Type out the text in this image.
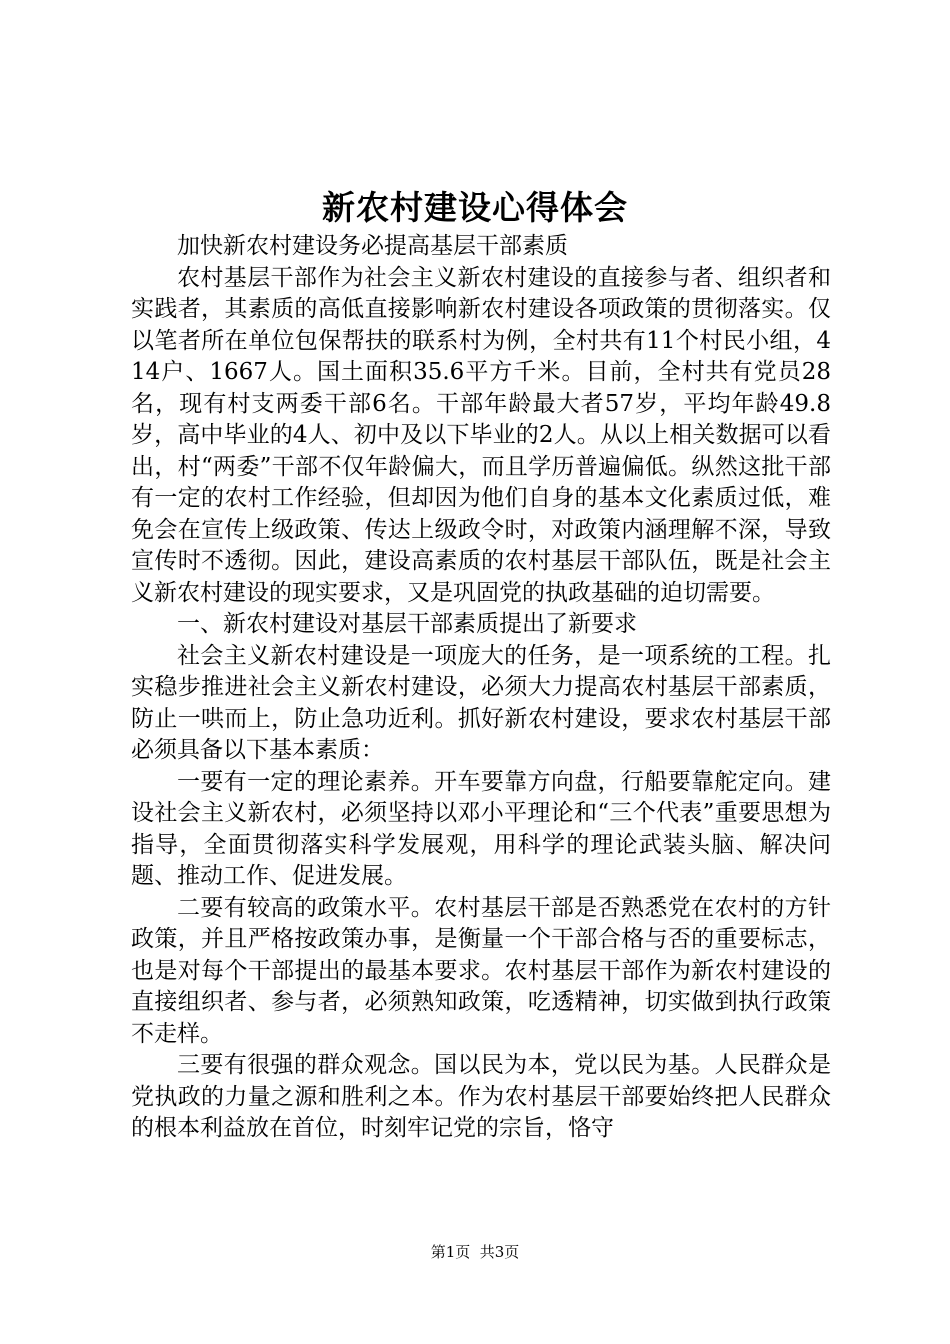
新农村建设心得体会

加快新农村建设务必提高基层干部素质

农村基层干部作为社会主义新农村建设的直接参与者、组织者和实践者，其素质的高低直接影响新农村建设各项政策的贯彻落实。仅以笔者所在单位包保帮扶的联系村为例，全村共有11个村民小组，414户、1667人。国土面积35.6平方千米。目前，全村共有党员28名，现有村支两委干部6名。干部年龄最大者57岁，平均年龄49.8岁，高中毕业的4人、初中及以下毕业的2人。从以上相关数据可以看出，村“两委”干部不仅年龄偏大，而且学历普遍偏低。纵然这批干部有一定的农村工作经验，但却因为他们自身的基本文化素质过低，难免会在宣传上级政策、传达上级政令时，对政策内涵理解不深，导致宣传时不透彻。因此，建设高素质的农村基层干部队伍，既是社会主义新农村建设的现实要求，又是巩固党的执政基础的迫切需要。

一、新农村建设对基层干部素质提出了新要求

社会主义新农村建设是一项庞大的任务，是一项系统的工程。扎实稳步推进社会主义新农村建设，必须大力提高农村基层干部素质，防止一哄而上，防止急功近利。抓好新农村建设，要求农村基层干部必须具备以下基本素质：

一要有一定的理论素养。开车要靠方向盘，行船要靠舵定向。建设社会主义新农村，必须坚持以邓小平理论和“三个代表”重要思想为指导，全面贯彻落实科学发展观，用科学的理论武装头脑、解决问题、推动工作、促进发展。

二要有较高的政策水平。农村基层干部是否熟悉党在农村的方针政策，并且严格按政策办事，是衡量一个干部合格与否的重要标志，也是对每个干部提出的最基本要求。农村基层干部作为新农村建设的直接组织者、参与者，必须熟知政策，吃透精神，切实做到执行政策不走样。

三要有很强的群众观念。国以民为本，党以民为基。人民群众是党执政的力量之源和胜利之本。作为农村基层干部要始终把人民群众的根本利益放在首位，时刻牢记党的宗旨，恪守

第1页  共3页
